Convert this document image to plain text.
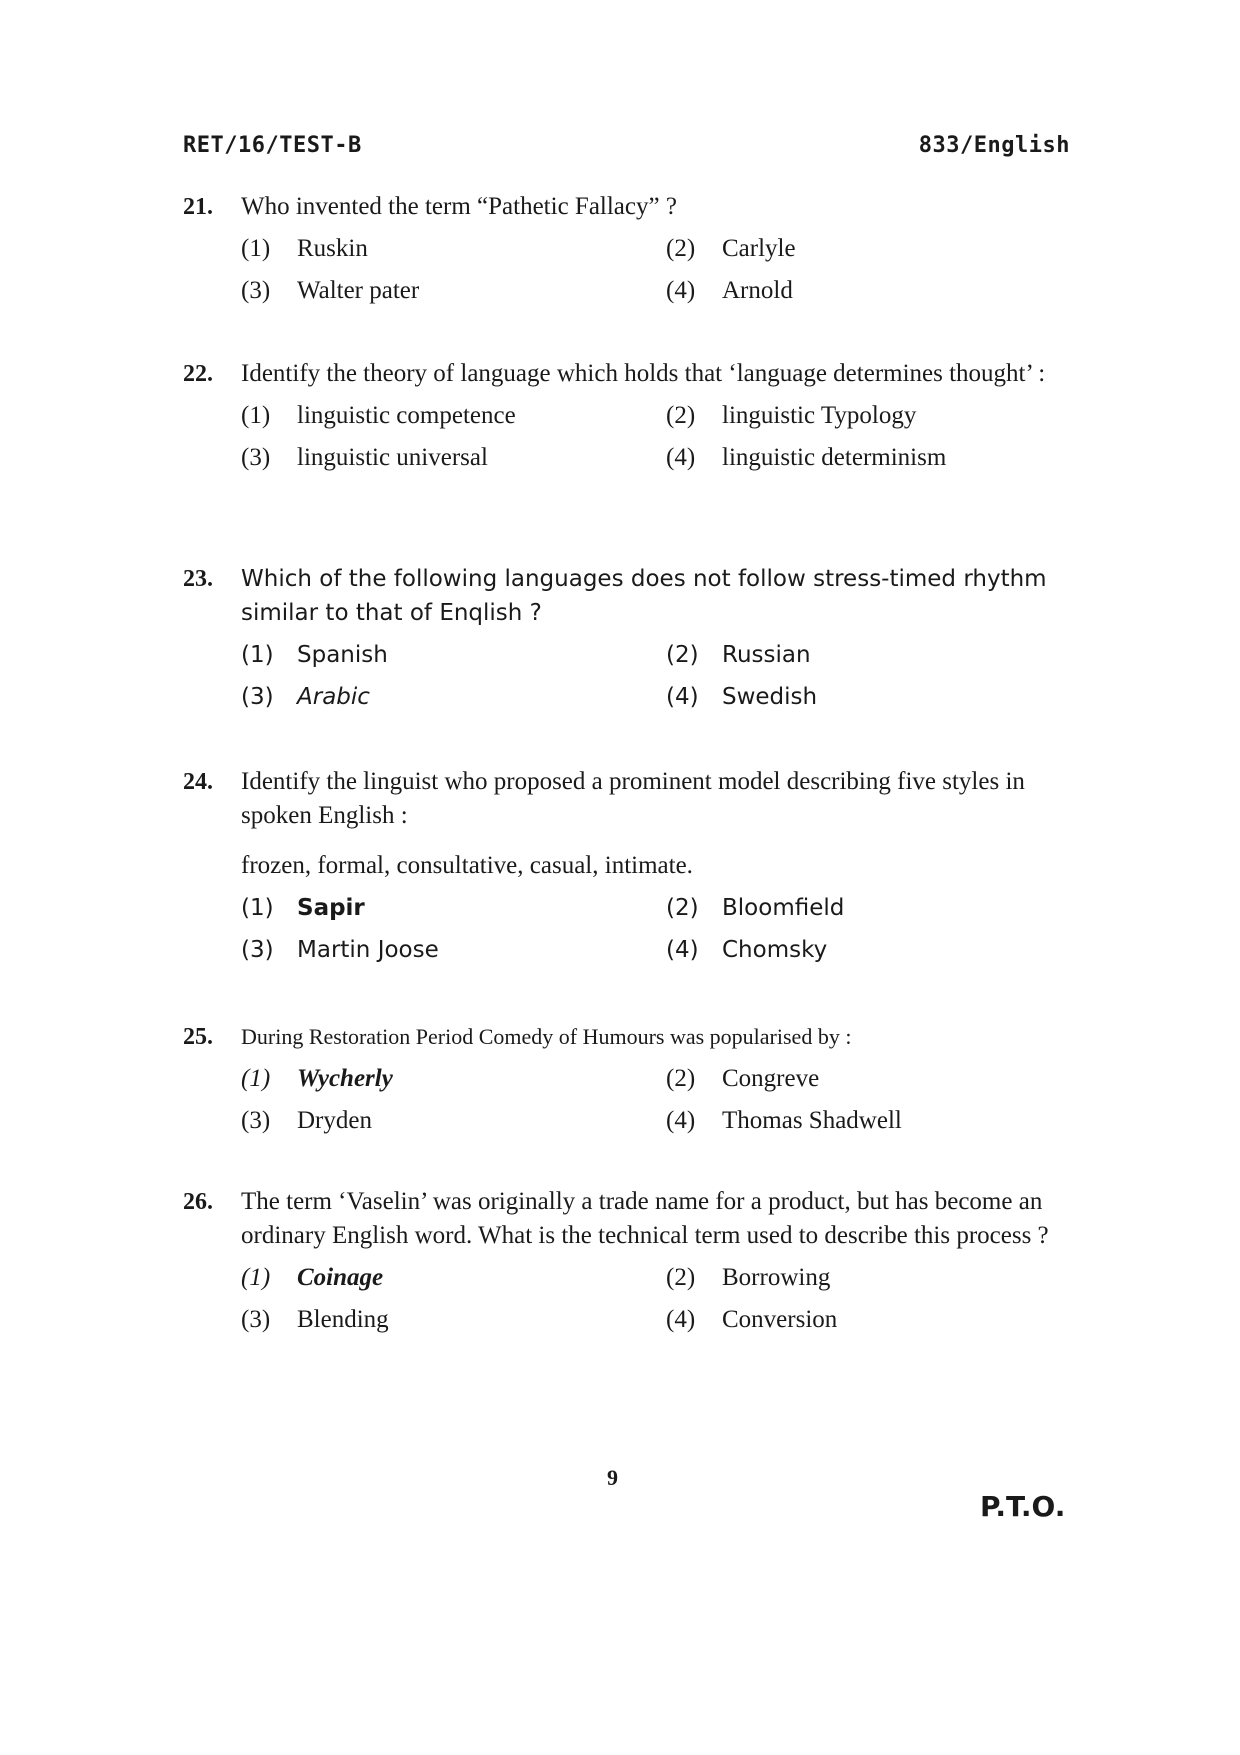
RET/16/TEST-B	833/English
21.	Who invented the term “Pathetic Fallacy” ?
(1)	Ruskin	(2)	Carlyle
(3)	Walter pater	(4)	Arnold
22.	Identify the theory of language which holds that ‘language determines thought’ :
(1)	linguistic competence	(2)	linguistic Typology
(3)	linguistic universal	(4)	linguistic determinism
23.	Which of the following languages does not follow stress-timed rhythm similar to that of Enqlish ?
(1)	Spanish	(2)	Russian
(3)	Arabic	(4)	Swedish
24.	Identify the linguist who proposed a prominent model describing five styles in spoken English :
frozen, formal, consultative, casual, intimate.
(1)	Sapir	(2)	Bloomfield
(3)	Martin Joose	(4)	Chomsky
25.	During Restoration Period Comedy of Humours was popularised by :
(1)	Wycherly	(2)	Congreve
(3)	Dryden	(4)	Thomas Shadwell
26.	The term ‘Vaselin’ was originally a trade name for a product, but has become an ordinary English word. What is the technical term used to describe this process ?
(1)	Coinage	(2)	Borrowing
(3)	Blending	(4)	Conversion
9
P.T.O.
